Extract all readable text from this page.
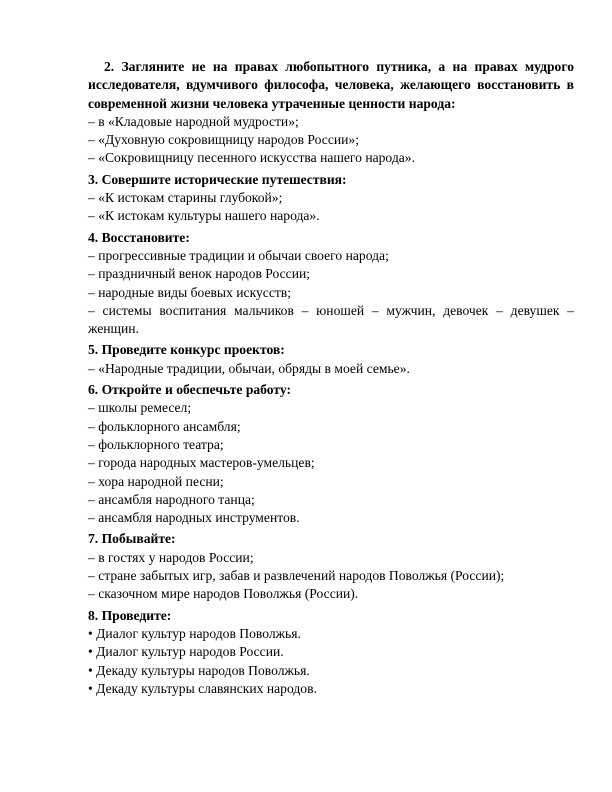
2. Загляните не на правах любопытного путника, а на правах мудрого исследователя, вдумчивого философа, человека, желающего восстановить в современной жизни человека утраченные ценности народа:
– в «Кладовые народной мудрости»;
– «Духовную сокровищницу народов России»;
– «Сокровищницу песенного искусства нашего народа».
3. Совершите исторические путешествия:
– «К истокам старины глубокой»;
– «К истокам культуры нашего народа».
4. Восстановите:
– прогрессивные традиции и обычаи своего народа;
– праздничный венок народов России;
– народные виды боевых искусств;
– системы воспитания мальчиков – юношей – мужчин, девочек – девушек – женщин.
5. Проведите конкурс проектов:
– «Народные традиции, обычаи, обряды в моей семье».
6. Откройте и обеспечьте работу:
– школы ремесел;
– фольклорного ансамбля;
– фольклорного театра;
– города народных мастеров-умельцев;
– хора народной песни;
– ансамбля народного танца;
– ансамбля народных инструментов.
7. Побывайте:
– в гостях у народов России;
– стране забытых игр, забав и развлечений народов Поволжья (России);
– сказочном мире народов Поволжья (России).
8. Проведите:
• Диалог культур народов Поволжья.
• Диалог культур народов России.
• Декаду культуры народов Поволжья.
• Декаду культуры славянских народов.
